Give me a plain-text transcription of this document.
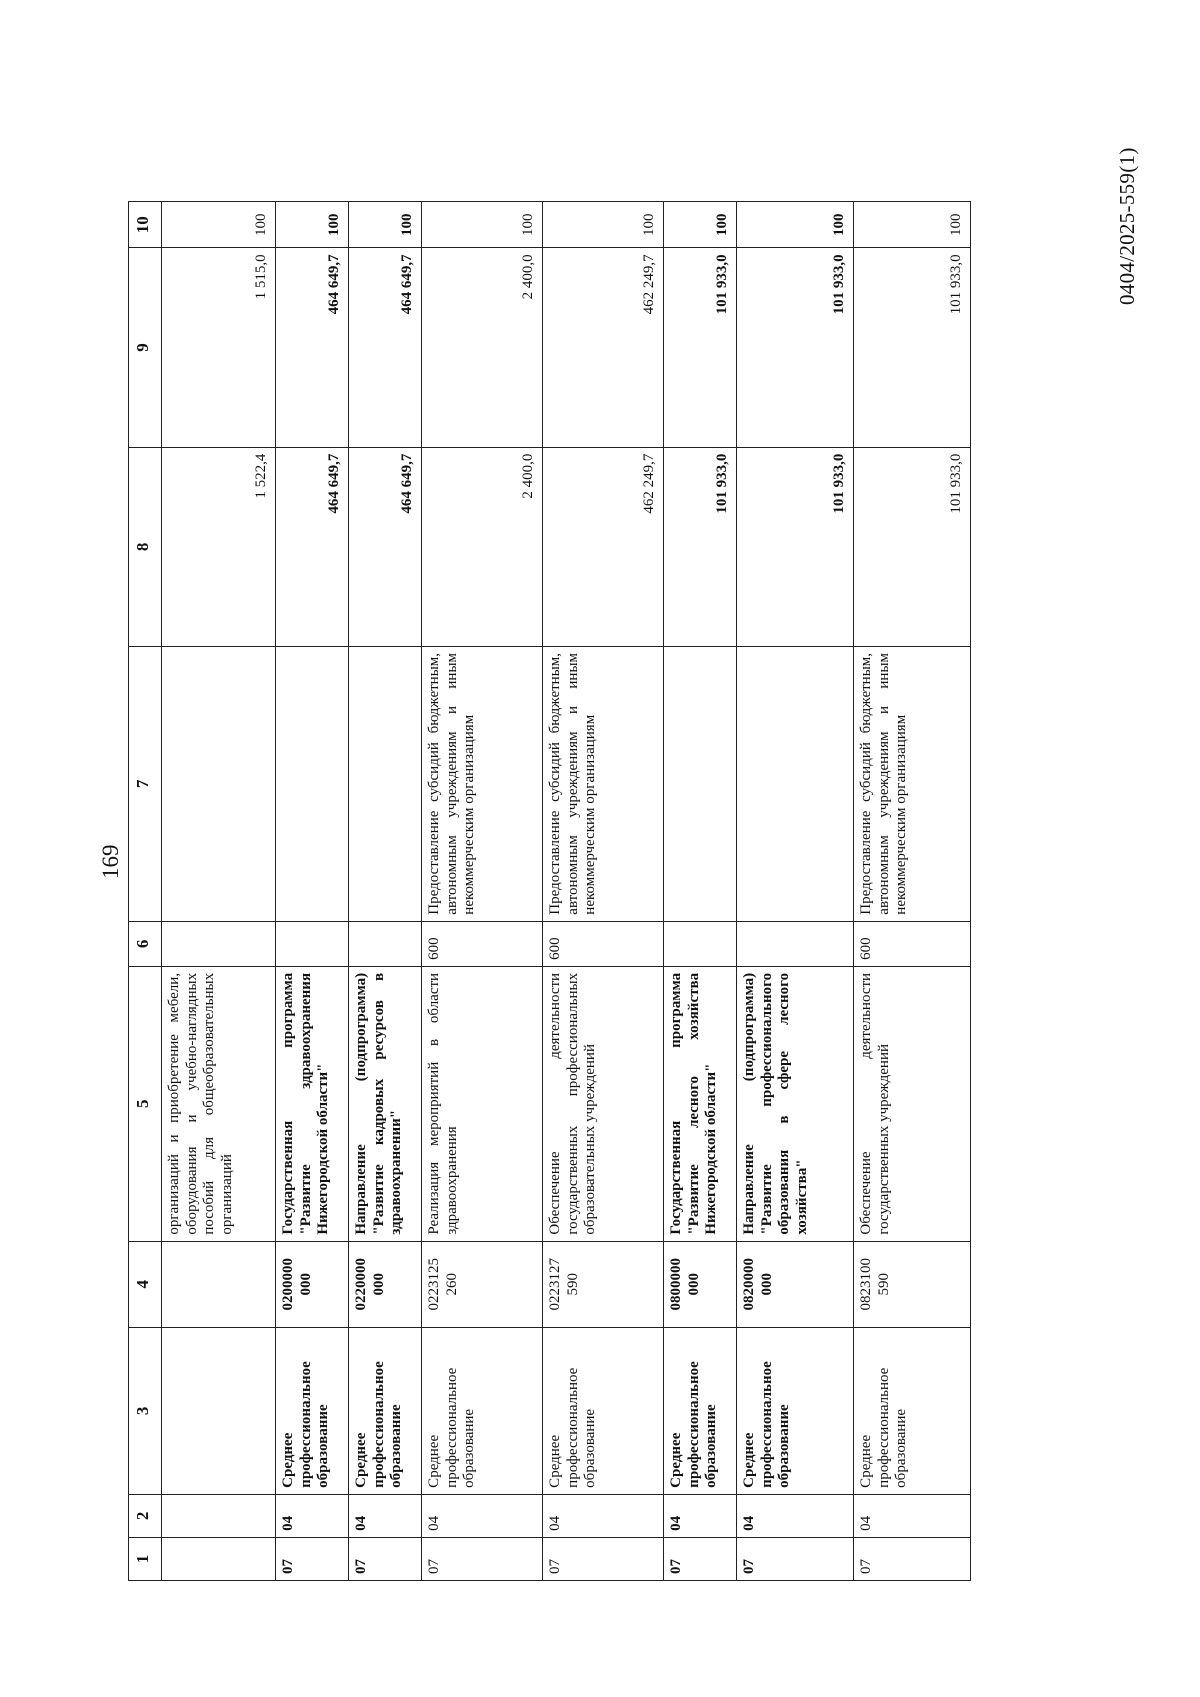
169
1	2	3	4	5	6	7	8	9	10
				организаций и приобретение мебели, оборудования и учебно-наглядных пособий для общеобразовательных организаций			1 522,4	1 515,0	100
07	04	Среднее профессиональное образование	0200000 000	Государственная программа "Развитие здравоохранения Нижегородской области"			464 649,7	464 649,7	100
07	04	Среднее профессиональное образование	0220000 000	Направление (подпрограмма) "Развитие кадровых ресурсов в здравоохранении"			464 649,7	464 649,7	100
07	04	Среднее профессиональное образование	0223125 260	Реализация мероприятий в области здравоохранения	600	Предоставление субсидий бюджетным, автономным учреждениям и иным некоммерческим организациям	2 400,0	2 400,0	100
07	04	Среднее профессиональное образование	0223127 590	Обеспечение деятельности государственных профессиональных образовательных учреждений	600	Предоставление субсидий бюджетным, автономным учреждениям и иным некоммерческим организациям	462 249,7	462 249,7	100
07	04	Среднее профессиональное образование	0800000 000	Государственная программа "Развитие лесного хозяйства Нижегородской области"			101 933,0	101 933,0	100
07	04	Среднее профессиональное образование	0820000 000	Направление (подпрограмма) "Развитие профессионального образования в сфере лесного хозяйства"			101 933,0	101 933,0	100
07	04	Среднее профессиональное образование	0823100 590	Обеспечение деятельности государственных учреждений	600	Предоставление субсидий бюджетным, автономным учреждениям и иным некоммерческим организациям	101 933,0	101 933,0	100	0404/2025-559(1)
